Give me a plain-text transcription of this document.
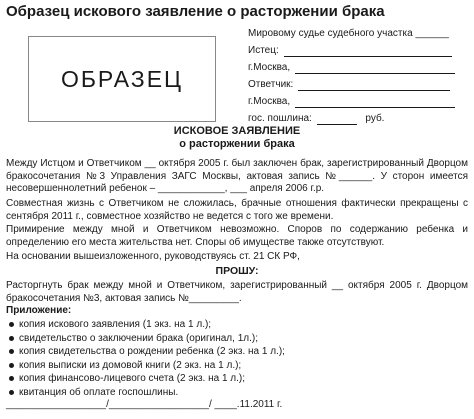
Образец искового заявление о расторжении брака
ОБРАЗЕЦ
Мировому судье судебного участка ______
Истец:
г.Москва,
Ответчик:
г.Москва,
гос. пошлина:	руб.
ИСКОВОЕ ЗАЯВЛЕНИЕ
о расторжении брака

Между Истцом и Ответчиком __ октября 2005 г. был заключен брак, зарегистрированный Дворцом бракосочетания №3 Управления ЗАГС Москвы, актовая запись №______. У сторон имеется несовершеннолетний ребенок – ____________, ___ апреля 2006 г.р.

Совместная жизнь с Ответчиком не сложилась, брачные отношения фактически прекращены с сентября 2011 г., совместное хозяйство не ведется с того же времени.

Примирение между мной и Ответчиком невозможно. Споров по содержанию ребенка и определению его места жительства нет. Споры об имуществе также отсутствуют.

На основании вышеизложенного, руководствуясь ст. 21 СК РФ,

ПРОШУ:

Расторгнуть брак между мной и Ответчиком, зарегистрированный __ октября 2005 г. Дворцом бракосочетания №3, актовая запись №_________.

Приложение:
копия искового заявления (1 экз. на 1 л.);
свидетельство о заключении брака (оригинал, 1л.);
копия свидетельства о рождении ребенка (2 экз. на 1 л.);
копия выписки из домовой книги (2 экз. на 1 л.);
копия финансово-лицевого счета (2 экз. на 1 л.);
квитанция об оплате госпошлины.
__________________/__________________/ ____.11.2011 г.
